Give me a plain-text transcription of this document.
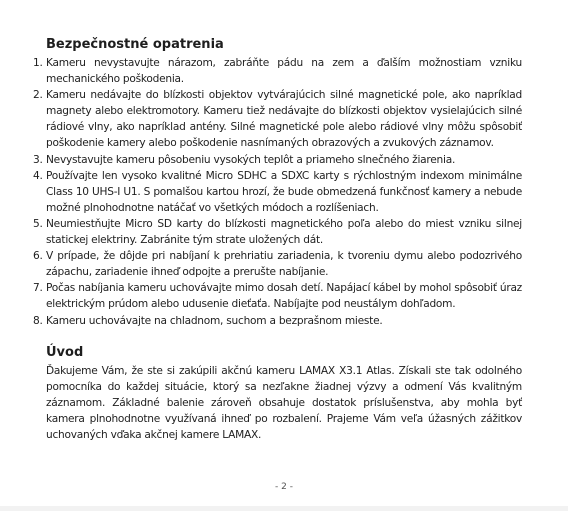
Bezpečnostné opatrenia
1. Kameru nevystavujte nárazom, zabráňte pádu na zem a ďalším možnostiam vzniku mechanického poškodenia.
2. Kameru nedávajte do blízkosti objektov vytvárajúcich silné magnetické pole, ako napríklad magnety alebo elektromotory. Kameru tiež nedávajte do blízkosti objektov vysielajúcich silné rádiové vlny, ako napríklad antény. Silné magnetické pole alebo rádiové vlny môžu spôsobiť poškodenie kamery alebo poškodenie nasnímaných obrazových a zvukových záznamov.
3. Nevystavujte kameru pôsobeniu vysokých teplôt a priameho slnečného žiarenia.
4. Používajte len vysoko kvalitné Micro SDHC a SDXC karty s rýchlostným indexom minimálne Class 10 UHS-I U1. S pomalšou kartou hrozí, že bude obmedzená funkčnosť kamery a nebude možné plnohodnotne natáčať vo všetkých módoch a rozlíšeniach.
5. Neumiestňujte Micro SD karty do blízkosti magnetického poľa alebo do miest vzniku silnej statickej elektriny. Zabránite tým strate uložených dát.
6. V prípade, že dôjde pri nabíjaní k prehriatiu zariadenia, k tvoreniu dymu alebo podozrivého zápachu, zariadenie ihneď odpojte a prerušte nabíjanie.
7. Počas nabíjania kameru uchovávajte mimo dosah detí. Napájací kábel by mohol spôsobiť úraz elektrickým prúdom alebo udusenie dieťaťa. Nabíjajte pod neustálym dohľadom.
8. Kameru uchovávajte na chladnom, suchom a bezprašnom mieste.
Úvod

Ďakujeme Vám, že ste si zakúpili akčnú kameru LAMAX X3.1 Atlas. Získali ste tak odolného pomocníka do každej situácie, ktorý sa nezľakne žiadnej výzvy a odmení Vás kvalitným záznamom. Základné balenie zároveň obsahuje dostatok príslušenstva, aby mohla byť kamera plnohodnotne využívaná ihneď po rozbalení. Prajeme Vám veľa úžasných zážitkov uchovaných vďaka akčnej kamere LAMAX.

- 2 -
